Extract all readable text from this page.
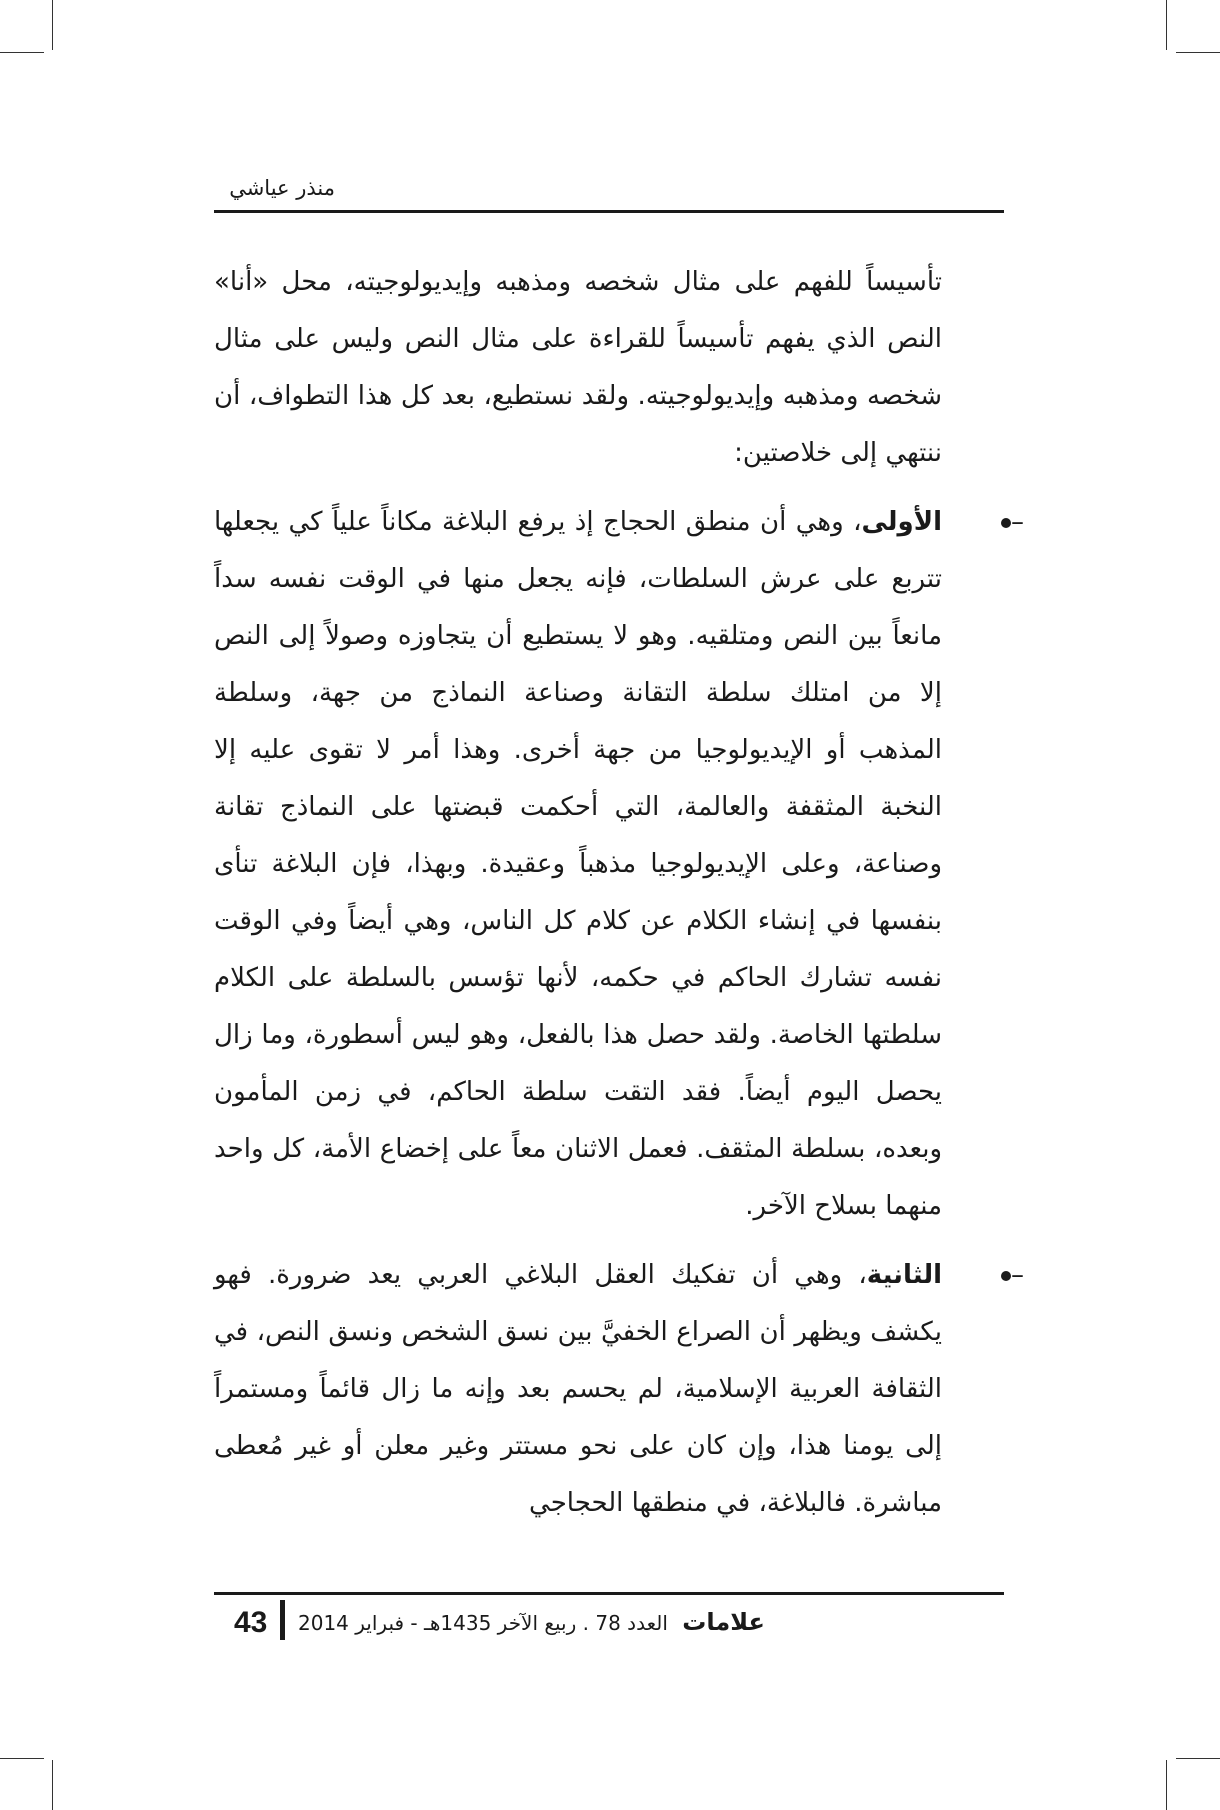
منذر عياشي

تأسيساً للفهم على مثال شخصه ومذهبه وإيديولوجيته، محل «أنا» النص الذي يفهم تأسيساً للقراءة على مثال النص وليس على مثال شخصه ومذهبه وإيديولوجيته. ولقد نستطيع، بعد كل هذا التطواف، أن ننتهي إلى خلاصتين:

–
الأولى، وهي أن منطق الحجاج إذ يرفع البلاغة مكاناً علياً كي يجعلها تتربع على عرش السلطات، فإنه يجعل منها في الوقت نفسه سداً مانعاً بين النص ومتلقيه. وهو لا يستطيع أن يتجاوزه وصولاً إلى النص إلا من امتلك سلطة التقانة وصناعة النماذج من جهة، وسلطة المذهب أو الإيديولوجيا من جهة أخرى. وهذا أمر لا تقوى عليه إلا النخبة المثقفة والعالمة، التي أحكمت قبضتها على النماذج تقانة وصناعة، وعلى الإيديولوجيا مذهباً وعقيدة. وبهذا، فإن البلاغة تنأى بنفسها في إنشاء الكلام عن كلام كل الناس، وهي أيضاً وفي الوقت نفسه تشارك الحاكم في حكمه، لأنها تؤسس بالسلطة على الكلام سلطتها الخاصة. ولقد حصل هذا بالفعل، وهو ليس أسطورة، وما زال يحصل اليوم أيضاً. فقد التقت سلطة الحاكم، في زمن المأمون وبعده، بسلطة المثقف. فعمل الاثنان معاً على إخضاع الأمة، كل واحد منهما بسلاح الآخر.
–
الثانية، وهي أن تفكيك العقل البلاغي العربي يعد ضرورة. فهو يكشف ويظهر أن الصراع الخفيَّ بين نسق الشخص ونسق النص، في الثقافة العربية الإسلامية، لم يحسم بعد وإنه ما زال قائماً ومستمراً إلى يومنا هذا، وإن كان على نحو مستتر وغير معلن أو غير مُعطى مباشرة. فالبلاغة، في منطقها الحجاجي
43	علامات العدد 78 . ربيع الآخر 1435هـ - فبراير 2014
